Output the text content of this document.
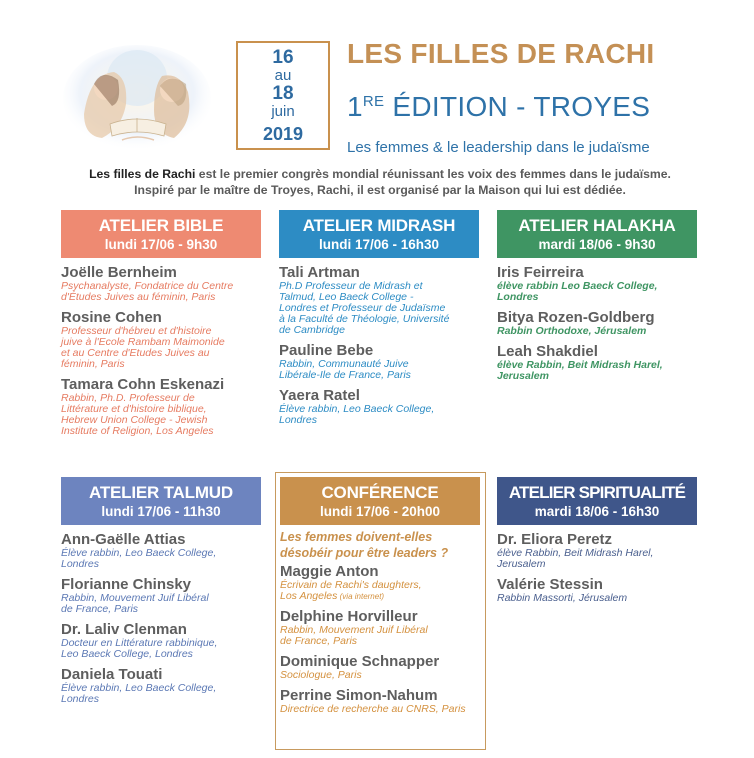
16
au
18
juin
2019
LES FILLES DE RACHI
1RE ÉDITION - TROYES
Les femmes & le leadership dans le judaïsme
Les filles de Rachi est le premier congrès mondial réunissant les voix des femmes dans le judaïsme.
Inspiré par le maître de Troyes, Rachi, il est organisé par la Maison qui lui est dédiée.
ATELIER BIBLE
lundi 17/06 - 9h30
Joëlle Bernheim
Psychanalyste, Fondatrice du Centre
d'Études Juives au féminin, Paris
Rosine Cohen
Professeur d'hébreu et d'histoire
juive à l'Ecole Rambam Maimonide
et au Centre d'Etudes Juives au
féminin, Paris
Tamara Cohn Eskenazi
Rabbin, Ph.D. Professeur de
Littérature et d'histoire biblique,
Hebrew Union College - Jewish
Institute of Religion, Los Angeles
ATELIER MIDRASH
lundi 17/06 - 16h30
Tali Artman
Ph.D Professeur de Midrash et
Talmud, Leo Baeck College -
Londres et Professeur de Judaïsme
à la Faculté de Théologie, Université
de Cambridge
Pauline Bebe
Rabbin, Communauté Juive
Libérale-Ile de France, Paris
Yaera Ratel
Élève rabbin, Leo Baeck College,
Londres
ATELIER HALAKHA
mardi 18/06 - 9h30
Iris Feirreira
élève rabbin Leo Baeck College,
Londres
Bitya Rozen-Goldberg
Rabbin Orthodoxe, Jérusalem
Leah Shakdiel
élève Rabbin, Beit Midrash Harel,
Jerusalem
ATELIER TALMUD
lundi 17/06 - 11h30
Ann-Gaëlle Attias
Élève rabbin, Leo Baeck College,
Londres
Florianne Chinsky
Rabbin, Mouvement Juif Libéral
de France, Paris
Dr. Laliv Clenman
Docteur en Littérature rabbinique,
Leo Baeck College, Londres
Daniela Touati
Élève rabbin, Leo Baeck College,
Londres
CONFÉRENCE
lundi 17/06 - 20h00
Les femmes doivent-elles
désobéir pour être leaders ?
Maggie Anton
Écrivain de Rachi's daughters,
Los Angeles (via internet)
Delphine Horvilleur
Rabbin, Mouvement Juif Libéral
de France, Paris
Dominique Schnapper
Sociologue, Paris
Perrine Simon-Nahum
Directrice de recherche au CNRS, Paris
ATELIER SPIRITUALITÉ
mardi 18/06 - 16h30
Dr. Eliora Peretz
élève Rabbin, Beit Midrash Harel,
Jerusalem
Valérie Stessin
Rabbin Massorti, Jérusalem
